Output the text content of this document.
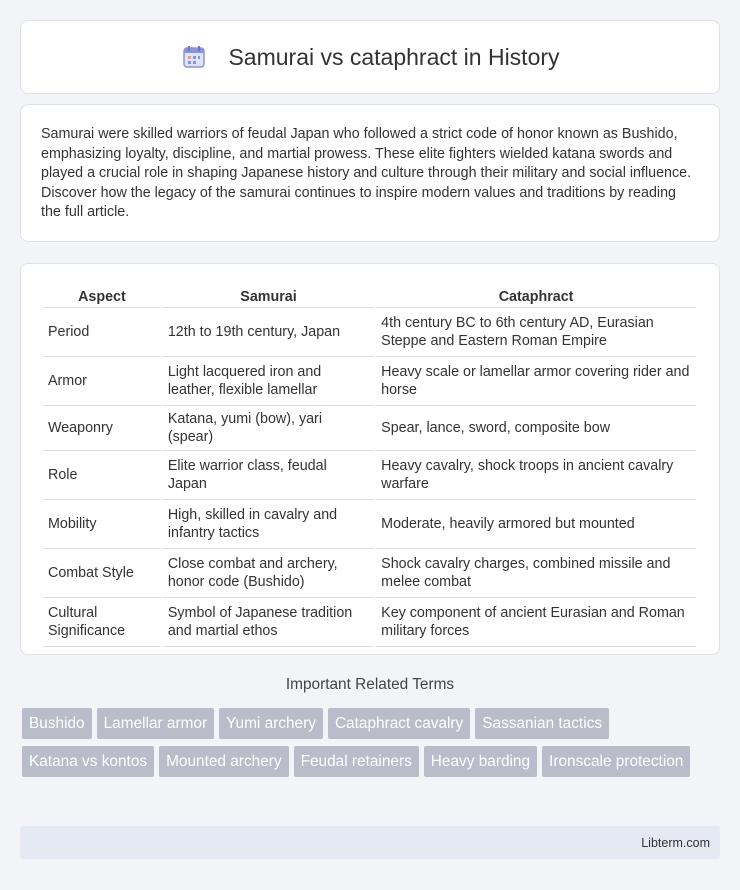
Samurai vs cataphract in History

Samurai were skilled warriors of feudal Japan who followed a strict code of honor known as Bushido, emphasizing loyalty, discipline, and martial prowess. These elite fighters wielded katana swords and played a crucial role in shaping Japanese history and culture through their military and social influence. Discover how the legacy of the samurai continues to inspire modern values and traditions by reading the full article.

Aspect	Samurai	Cataphract
Period	12th to 19th century, Japan	4th century BC to 6th century AD, Eurasian Steppe and Eastern Roman Empire
Armor	Light lacquered iron and leather, flexible lamellar	Heavy scale or lamellar armor covering rider and horse
Weaponry	Katana, yumi (bow), yari (spear)	Spear, lance, sword, composite bow
Role	Elite warrior class, feudal Japan	Heavy cavalry, shock troops in ancient cavalry warfare
Mobility	High, skilled in cavalry and infantry tactics	Moderate, heavily armored but mounted
Combat Style	Close combat and archery, honor code (Bushido)	Shock cavalry charges, combined missile and melee combat
Cultural Significance	Symbol of Japanese tradition and martial ethos	Key component of ancient Eurasian and Roman military forces
Important Related Terms
Bushido	Lamellar armor	Yumi archery	Cataphract cavalry	Sassanian tactics
Katana vs kontos	Mounted archery	Feudal retainers	Heavy barding	Ironscale protection
Libterm.com
